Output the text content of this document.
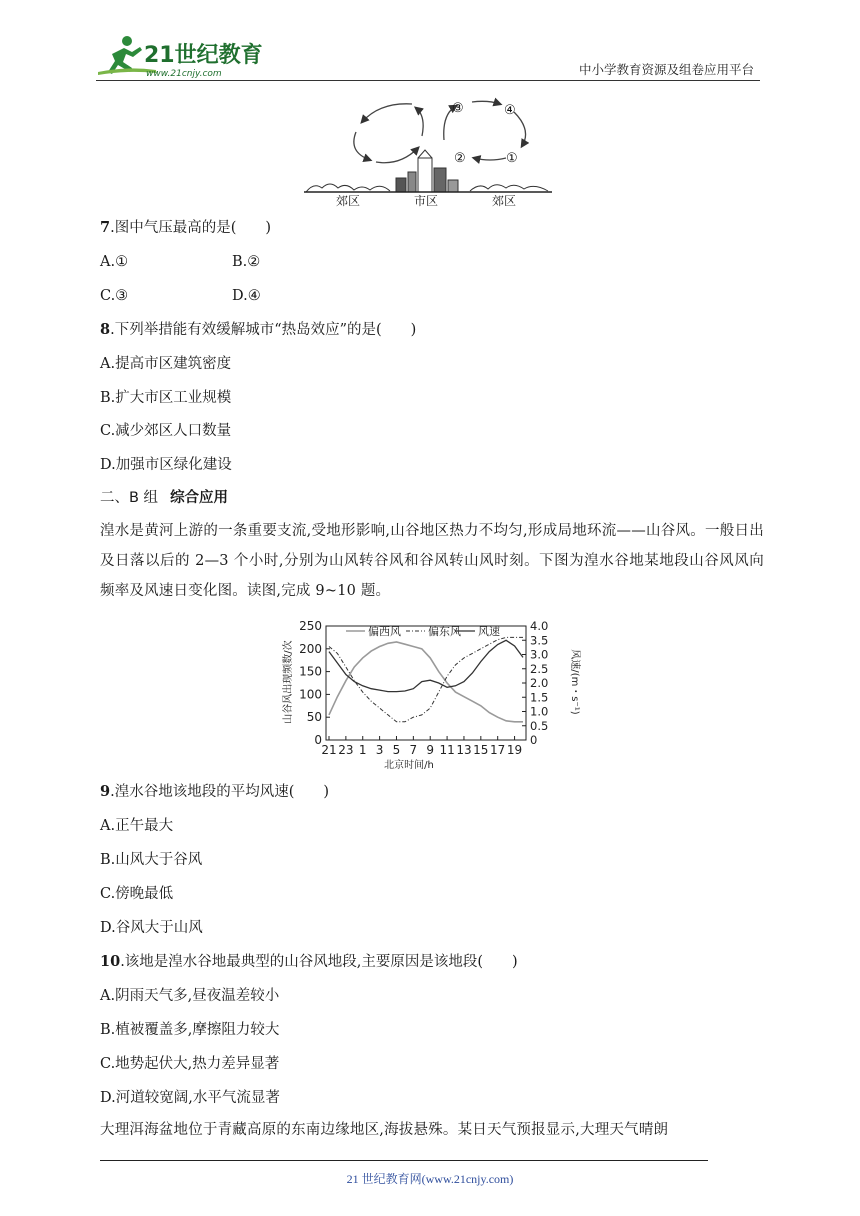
21世纪教育
www.21cnjy.com	中小学教育资源及组卷应用平台
③	④
②	①
郊区	市区	郊区
7.图中气压最高的是(　　)
A.①	B.②
C.③	D.④
8.下列举措能有效缓解城市“热岛效应”的是(　　)
A.提高市区建筑密度
B.扩大市区工业规模
C.减少郊区人口数量
D.加强市区绿化建设
二、B 组 综合应用
湟水是黄河上游的一条重要支流,受地形影响,山谷地区热力不均匀,形成局地环流——山谷风。一般日出及日落以后的 2—3 个小时,分别为山风转谷风和谷风转山风时刻。下图为湟水谷地某地段山谷风风向频率及风速日变化图。读图,完成 9~10 题。
250
200
150
100
50
0
4.0
3.5
3.0
2.5
2.0
1.5
1.0
0.5
0
21 23 1 3 5 7 9 11 13 15 17 19
偏西风 偏东风 风速
山谷风出现频数/次	风速/(m・s⁻¹)
北京时间/h
9.湟水谷地该地段的平均风速(　　)
A.正午最大
B.山风大于谷风
C.傍晚最低
D.谷风大于山风
10.该地是湟水谷地最典型的山谷风地段,主要原因是该地段(　　)
A.阴雨天气多,昼夜温差较小
B.植被覆盖多,摩擦阻力较大
C.地势起伏大,热力差异显著
D.河道较宽阔,水平气流显著
大理洱海盆地位于青藏高原的东南边缘地区,海拔悬殊。某日天气预报显示,大理天气晴朗
21 世纪教育网(www.21cnjy.com)
